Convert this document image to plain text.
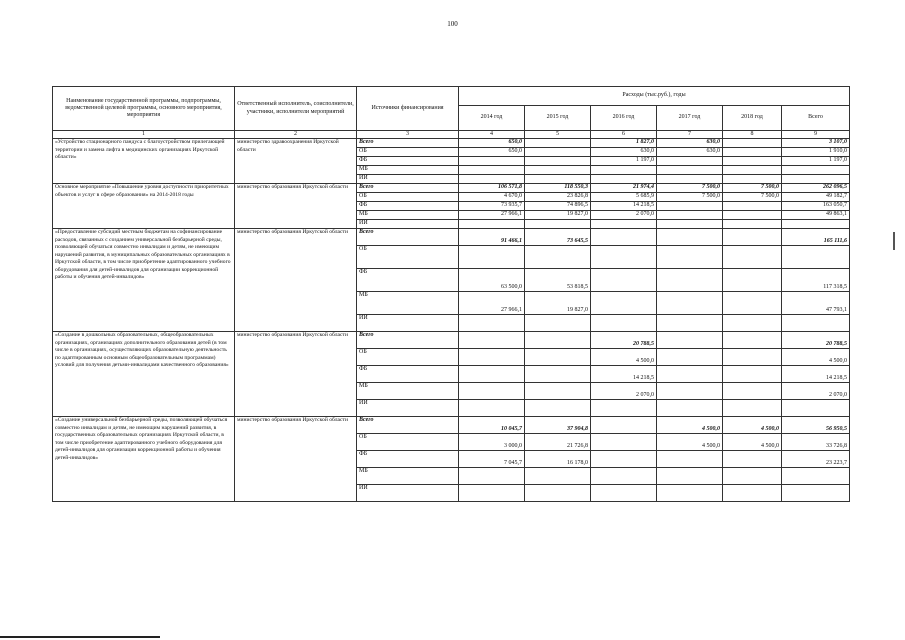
100
Наименование государственной программы, подпрограммы, ведомственной целевой программы, основного мероприятия, мероприятия	Ответственный исполнитель, соисполнители, участники, исполнители мероприятий	Источники финансирования	Расходы (тыс.руб.), годы					
			2014 год	2015 год	2016 год	2017 год	2018 год	Всего
1	2	3	4	5	6	7	8	9
«Устройство стационарного пандуса с благоустройством прилегающей территории и замена лифта в медицинских организациях Иркутской области»	министерство здравоохранения Иркутской области	Всего	650,0		1 827,0	630,0		3 107,0
		ОБ	650,0		630,0	630,0		1 910,0
		ФБ			1 197,0			1 197,0
		МБ						
		ИИ						
Основное мероприятие «Повышение уровня доступности приоритетных объектов и услуг в сфере образования» на 2014-2018 годы	министерство образования Иркутской области	Всего	106 571,8	118 550,3	21 974,4	7 500,0	7 500,0	262 096,5
		ОБ	4 670,0	23 826,8	5 685,9	7 500,0	7 500,0	49 182,7
		ФБ	73 935,7	74 896,5	14 218,5			163 050,7
		МБ	27 966,1	19 827,0	2 070,0			49 863,1
		ИИ						
«Предоставление субсидий местным бюджетам на софинансирование расходов, связанных с созданием универсальной безбарьерной среды, позволяющей обучаться совместно инвалидам и детям, не имеющим нарушений развития, в муниципальных образовательных организациях в Иркутской области, в том числе приобретение адаптированного учебного оборудования для детей-инвалидов для организации коррекционной работы и обучения детей-инвалидов»	министерство образования Иркутской области	Всего	91 466,1	73 645,5				165 111,6
		ОБ						
		ФБ	63 500,0	53 818,5				117 318,5
		МБ	27 966,1	19 827,0				47 793,1
		ИИ						
«Создание в дошкольных образовательных, общеобразовательных организациях, организациях дополнительного образования детей (в том числе в организациях, осуществляющих образовательную деятельность по адаптированным основным общеобразовательным программам) условий для получения детьми-инвалидами качественного образования»	министерство образования Иркутской области	Всего			20 788,5			20 788,5
		ОБ			4 500,0			4 500,0
		ФБ			14 218,5			14 218,5
		МБ			2 070,0			2 070,0
		ИИ						
«Создание универсальной безбарьерной среды, позволяющей обучаться совместно инвалидам и детям, не имеющим нарушений развития, в государственных образовательных организациях Иркутской области, в том числе приобретение адаптированного учебного оборудования для детей-инвалидов для организации коррекционной работы и обучения детей-инвалидов»	министерство образования Иркутской области	Всего	10 045,7	37 904,8		4 500,0	4 500,0	56 950,5
		ОБ	3 000,0	21 726,8		4 500,0	4 500,0	33 726,8
		ФБ	7 045,7	16 178,0				23 223,7
		МБ						
		ИИ						
